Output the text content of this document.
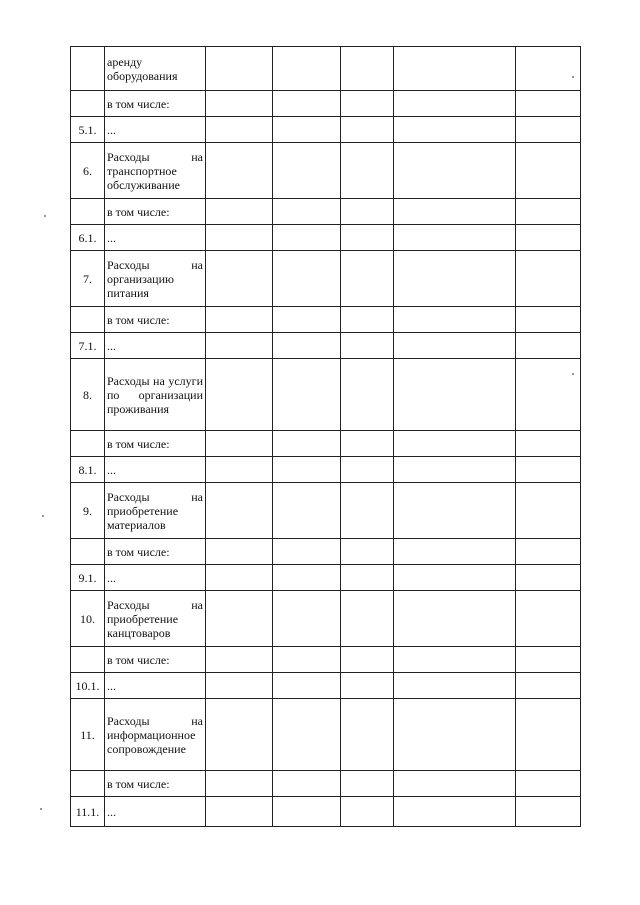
	аренду оборудования					
	в том числе:					
5.1.	...					
6.	Расходы на транспортное обслуживание					
	в том числе:					
6.1.	...					
7.	Расходы на организацию питания					
	в том числе:					
7.1.	...					
8.	Расходы на услуги по организации проживания					
	в том числе:					
8.1.	...					
9.	Расходы на приобретение материалов					
	в том числе:					
9.1.	...					
10.	Расходы на приобретение канцтоваров					
	в том числе:					
10.1.	...					
11.	Расходы на информационное сопровождение					
	в том числе:					
11.1.	...					
